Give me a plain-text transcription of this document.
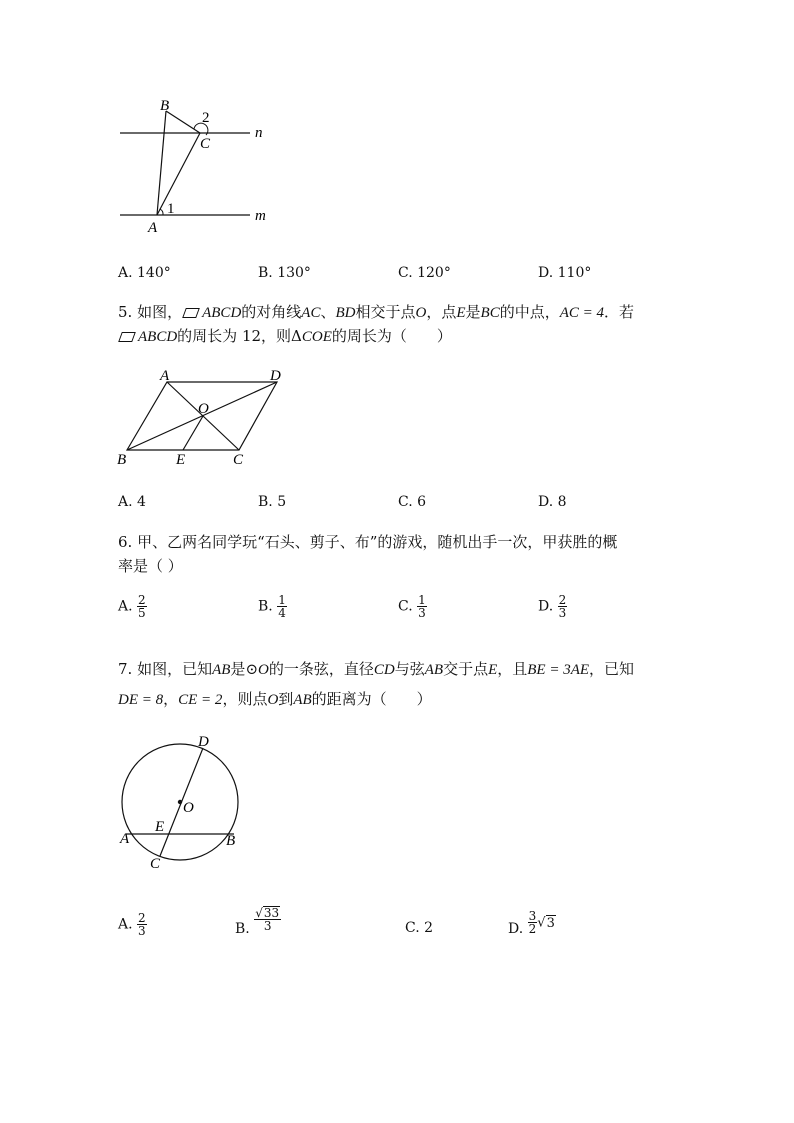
B
2
C
n
1
A
m
A. 140°	B. 130°	C. 120°	D. 110°
5. 如图， ABCD的对角线AC、BD相交于点O，点E是BC的中点，AC = 4．若
ABCD的周长为 12，则ΔCOE的周长为（　　）
A	D
O
B	E	C
A. 4	B. 5	C. 6	D. 8
6. 甲、乙两名同学玩“石头、剪子、布”的游戏，随机出手一次，甲获胜的概
率是（ ）
A. $\frac{2}{5}$	B. $\frac{1}{4}$	C. $\frac{1}{3}$	D. $\frac{2}{3}$
7. 如图，已知AB是⊙O的一条弦，直径CD与弦AB交于点E，且BE = 3AE，已知
DE = 8，CE = 2，则点O到AB的距离为（　　）
D
O
E
A	B
C
A. $\frac{2}{3}$	B. $\frac{√33}{3}$	C. 2	D. $\frac{3}{2} √3$
